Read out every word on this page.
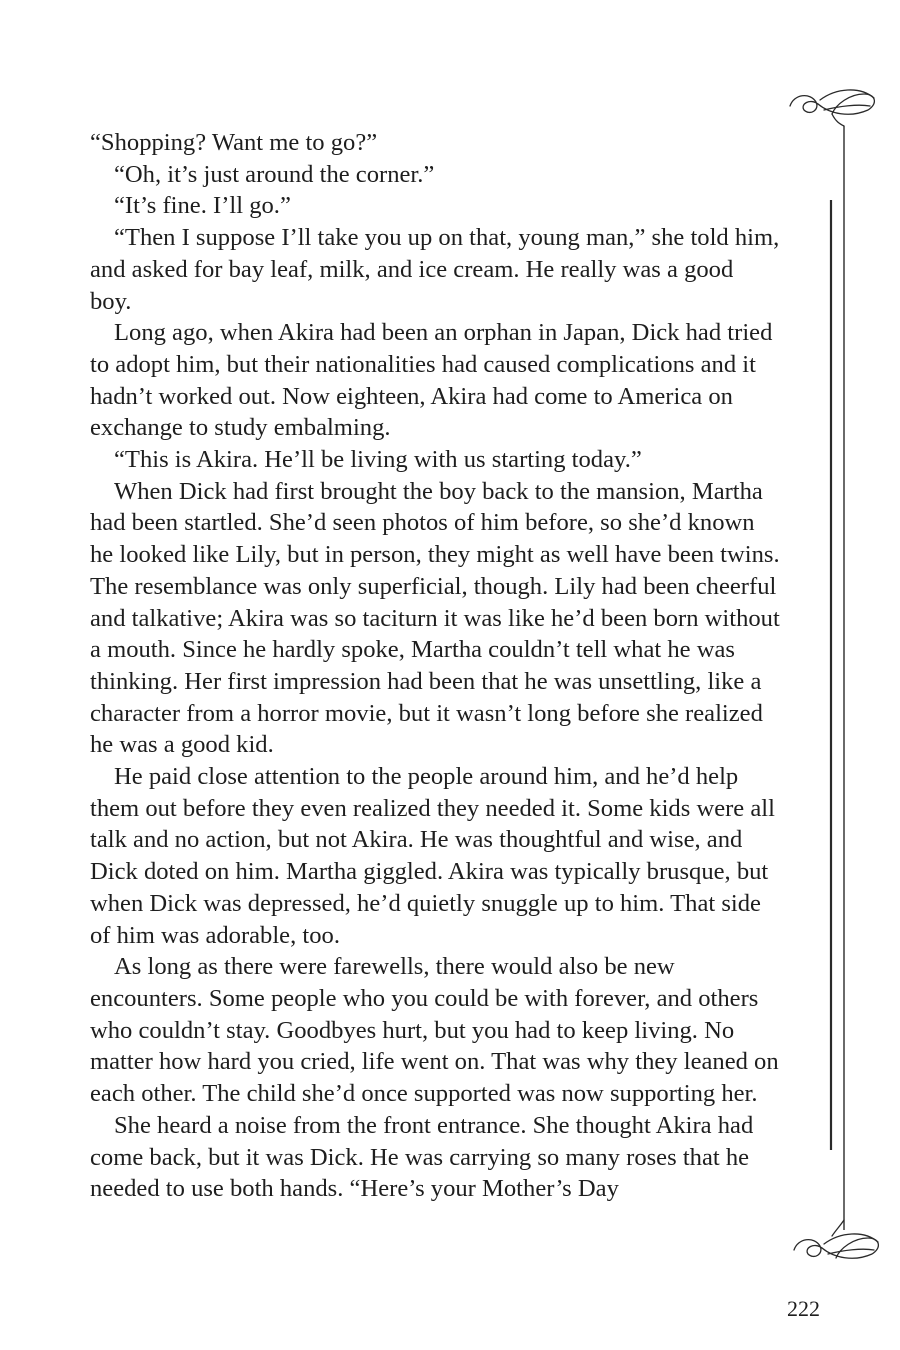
“Shopping? Want me to go?”

“Oh, it’s just around the corner.”

“It’s fine. I’ll go.”

“Then I suppose I’ll take you up on that, young man,” she told him, and asked for bay leaf, milk, and ice cream. He really was a good boy.

Long ago, when Akira had been an orphan in Japan, Dick had tried to adopt him, but their nationalities had caused complications and it hadn’t worked out. Now eighteen, Akira had come to America on exchange to study embalming.

“This is Akira. He’ll be living with us starting today.”

When Dick had first brought the boy back to the mansion, Martha had been startled. She’d seen photos of him before, so she’d known he looked like Lily, but in person, they might as well have been twins. The resemblance was only superficial, though. Lily had been cheerful and talkative; Akira was so taciturn it was like he’d been born without a mouth. Since he hardly spoke, Martha couldn’t tell what he was thinking. Her first impression had been that he was unsettling, like a character from a horror movie, but it wasn’t long before she realized he was a good kid.

He paid close attention to the people around him, and he’d help them out before they even realized they needed it. Some kids were all talk and no action, but not Akira. He was thoughtful and wise, and Dick doted on him. Martha giggled. Akira was typically brusque, but when Dick was depressed, he’d quietly snuggle up to him. That side of him was adorable, too.

As long as there were farewells, there would also be new encounters. Some people who you could be with forever, and others who couldn’t stay. Goodbyes hurt, but you had to keep living. No matter how hard you cried, life went on. That was why they leaned on each other. The child she’d once supported was now supporting her.

She heard a noise from the front entrance. She thought Akira had come back, but it was Dick. He was carrying so many roses that he needed to use both hands. “Here’s your Mother’s Day

222
